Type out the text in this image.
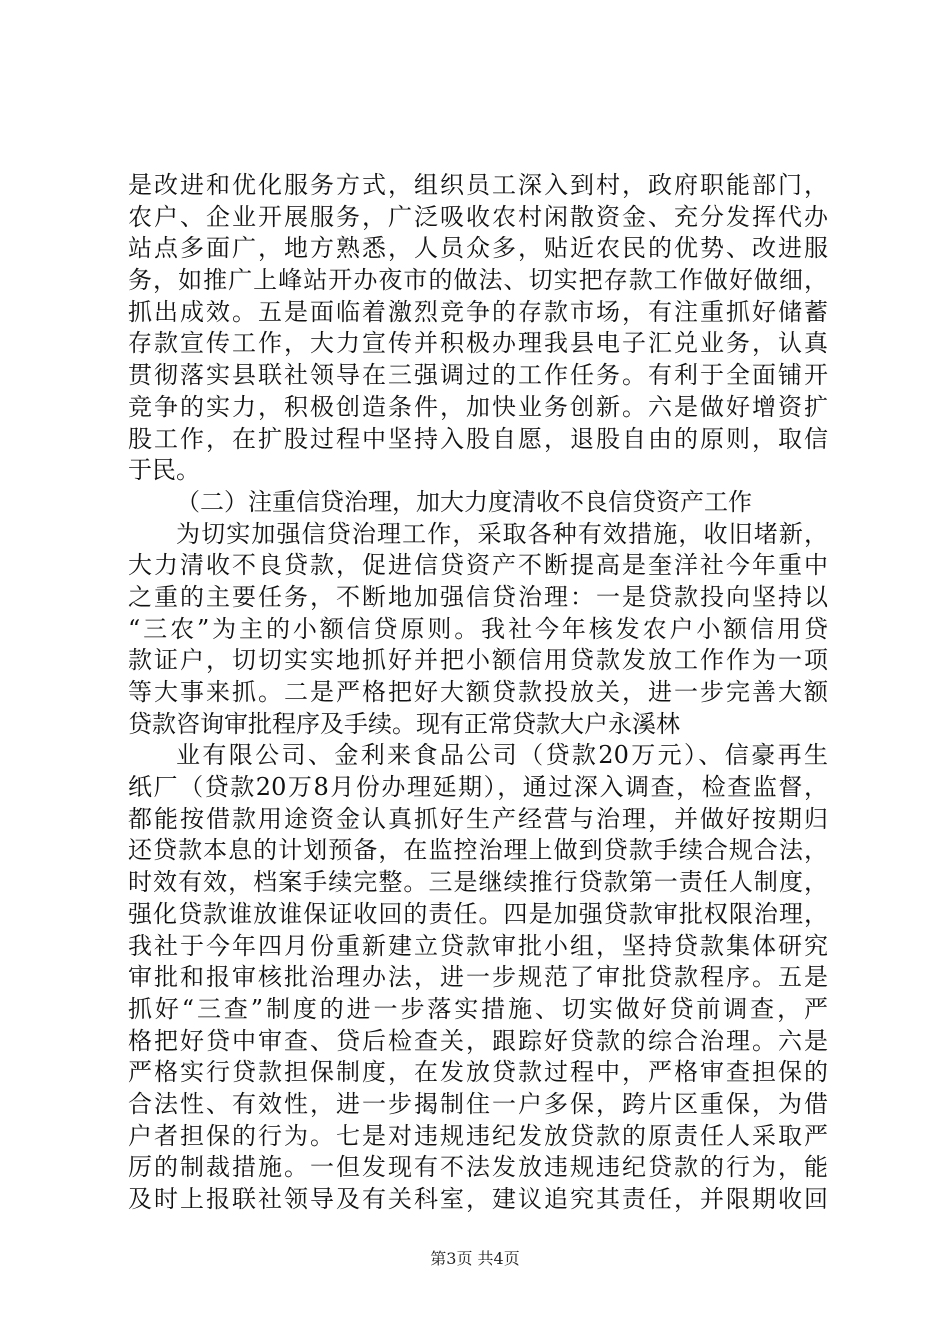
是改进和优化服务方式，组织员工深入到村，政府职能部门，
农户、企业开展服务，广泛吸收农村闲散资金、充分发挥代办
站点多面广，地方熟悉，人员众多，贴近农民的优势、改进服
务，如推广上峰站开办夜市的做法、切实把存款工作做好做细，
抓出成效。五是面临着激烈竞争的存款市场，有注重抓好储蓄
存款宣传工作，大力宣传并积极办理我县电子汇兑业务，认真
贯彻落实县联社领导在三强调过的工作任务。有利于全面铺开
竞争的实力，积极创造条件，加快业务创新。六是做好增资扩
股工作，在扩股过程中坚持入股自愿，退股自由的原则，取信
于民。
（二）注重信贷治理，加大力度清收不良信贷资产工作
为切实加强信贷治理工作，采取各种有效措施，收旧堵新，
大力清收不良贷款，促进信贷资产不断提高是奎洋社今年重中
之重的主要任务，不断地加强信贷治理：一是贷款投向坚持以
“三农”为主的小额信贷原则。我社今年核发农户小额信用贷
款证户，切切实实地抓好并把小额信用贷款发放工作作为一项
等大事来抓。二是严格把好大额贷款投放关，进一步完善大额
贷款咨询审批程序及手续。现有正常贷款大户永溪林
业有限公司、金利来食品公司（贷款20万元）、信豪再生
纸厂（贷款20万8月份办理延期），通过深入调查，检查监督，
都能按借款用途资金认真抓好生产经营与治理，并做好按期归
还贷款本息的计划预备，在监控治理上做到贷款手续合规合法，
时效有效，档案手续完整。三是继续推行贷款第一责任人制度，
强化贷款谁放谁保证收回的责任。四是加强贷款审批权限治理，
我社于今年四月份重新建立贷款审批小组，坚持贷款集体研究
审批和报审核批治理办法，进一步规范了审批贷款程序。五是
抓好“三查”制度的进一步落实措施、切实做好贷前调查，严
格把好贷中审查、贷后检查关，跟踪好贷款的综合治理。六是
严格实行贷款担保制度，在发放贷款过程中，严格审查担保的
合法性、有效性，进一步揭制住一户多保，跨片区重保，为借
户者担保的行为。七是对违规违纪发放贷款的原责任人采取严
厉的制裁措施。一但发现有不法发放违规违纪贷款的行为，能
及时上报联社领导及有关科室，建议追究其责任，并限期收回
第3页 共4页
